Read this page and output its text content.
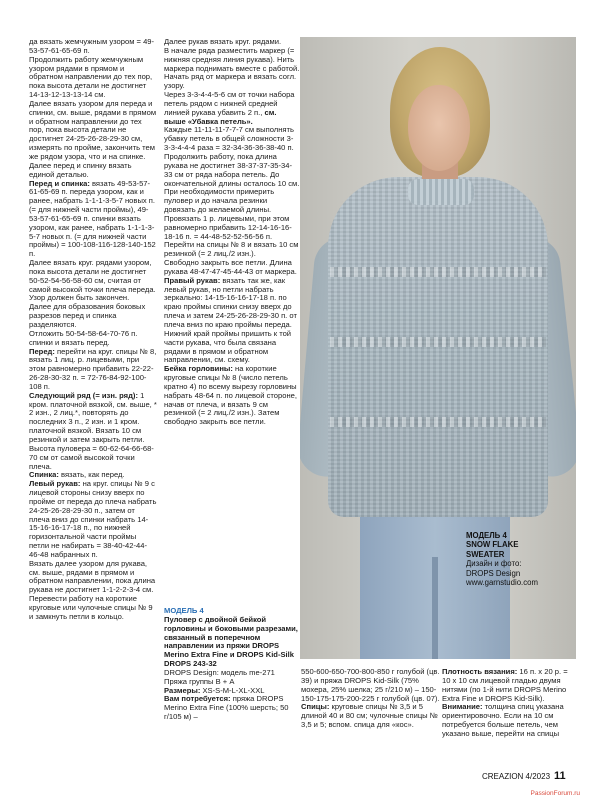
да вязать жемчужным узором = 49-53-57-61-65-69 п.
Продолжить работу жемчужным узором рядами в прямом и обратном направлении до тех пор, пока высота детали не достигнет 14-13-12-13-13-14 см.
Далее вязать узором для переда и спинки, см. выше, рядами в прямом и обратном направлении до тех пор, пока высота детали не достигнет 24-25-26-28-29-30 см, измерять по пройме, закончить тем же рядом узора, что и на спинке.
Далее перед и спинку вязать единой деталью.
Перед и спинка: вязать 49-53-57-61-65-69 п. переда узором, как и ранее, набрать 1-1-1-3-5-7 новых п. (= для нижней части проймы), 49-53-57-61-65-69 п. спинки вязать узором, как ранее, набрать 1-1-1-3-5-7 новых п. (= для нижней части проймы) = 100-108-116-128-140-152 п.
Далее вязать круг. рядами узором, пока высота детали не достигнет 50-52-54-56-58-60 см, считая от самой высокой точки плеча переда.
Узор должен быть закончен.
Далее для образования боковых разрезов перед и спинка разделяются.
Отложить 50-54-58-64-70-76 п. спинки и вязать перед.
Перед: перейти на круг. спицы № 8, вязать 1 лиц. р. лицевыми, при этом равномерно прибавить 22-22-26-28-30-32 п. = 72-76-84-92-100-108 п.
Следующий ряд (= изн. ряд): 1 кром. платочной вязкой, см. выше, * 2 изн., 2 лиц.*, повторять до последних 3 п., 2 изн. и 1 кром. платочной вязкой. Вязать 10 см резинкой и затем закрыть петли. Высота пуловера = 60-62-64-66-68-70 см от самой высокой точки плеча.
Спинка: вязать, как перед.
Левый рукав: на круг. спицы № 9 с лицевой стороны снизу вверх по пройме от переда до плеча набрать 24-25-26-28-29-30 п., затем от плеча вниз до спинки набрать 14-15-16-16-17-18 п., по нижней горизонтальной части проймы петли не набирать = 38-40-42-44-46-48 набранных п.
Вязать далее узором для рукава, см. выше, рядами в прямом и обратном направлении, пока длина рукава не достигнет 1-1-2-2-3-4 см.
Перевести работу на короткие круговые или чулочные спицы № 9 и замкнуть петли в кольцо.
Далее рукав вязать круг. рядами.
В начале ряда разместить маркер (= нижняя средняя линия рукава). Нить маркера поднимать вместе с работой. Начать ряд от маркера и вязать согл. узору.
Через 3-3-4-4-5-6 см от точки набора петель рядом с нижней средней линией рукава убавить 2 п., см. выше «Убавка петель».
Каждые 11-11-11-7-7-7 см выполнять убавку петель в общей сложности 3-3-3-4-4-4 раза = 32-34-36-36-38-40 п.
Продолжить работу, пока длина рукава не достигнет 38-37-37-35-34-33 см от ряда набора петель. До окончательной длины осталось 10 см. При необходимости примерить пуловер и до начала резинки довязать до желаемой длины.
Провязать 1 р. лицевыми, при этом равномерно прибавить 12-14-16-16-18-16 п. = 44-48-52-52-56-56 п.
Перейти на спицы № 8 и вязать 10 см резинкой (= 2 лиц./2 изн.).
Свободно закрыть все петли. Длина рукава 48-47-47-45-44-43 от маркера.
Правый рукав: вязать так же, как левый рукав, но петли набрать зеркально: 14-15-16-16-17-18 п. по краю проймы спинки снизу вверх до плеча и затем 24-25-26-28-29-30 п. от плеча вниз по краю проймы переда.
Нижний край проймы пришить к той части рукава, что была связана рядами в прямом и обратном направлении, см. схему.
Бейка горловины: на короткие круговые спицы № 8 (число петель кратно 4) по всему вырезу горловины набрать 48-64 п. по лицевой стороне, начав от плеча, и вязать 9 см резинкой (= 2 лиц./2 изн.). Затем свободно закрыть все петли.
МОДЕЛЬ 4
Пуловер с двойной бейкой горловины и боковыми разрезами, связанный в поперечном направлении из пряжи DROPS Merino Extra Fine и DROPS Kid-Silk
DROPS 243-32
DROPS Design: модель me-271
Пряжа группы В + А
Размеры: XS-S-M-L-XL-XXL
Вам потребуется: пряжа DROPS Merino Extra Fine (100% шерсть; 50 г/105 м) –
550-600-650-700-800-850 г голубой (цв. 39) и пряжа DROPS Kid-Silk (75% мохера, 25% шелка; 25 г/210 м) – 150-150-175-175-200-225 г голубой (цв. 07).
Спицы: круговые спицы № 3,5 и 5 длиной 40 и 80 см; чулочные спицы № 3,5 и 5; вспом. спица для «кос».
Плотность вязания: 16 п. х 20 р. = 10 х 10 см лицевой гладью двумя нитями (по 1-й нити DROPS Merino Extra Fine и DROPS Kid-Silk).
Внимание: толщина спиц указана ориентировочно. Если на 10 см потребуется больше петель, чем указано выше, перейти на спицы
МОДЕЛЬ 4
SNOW FLAKE
SWEATER
Дизайн и фото:
DROPS Design
www.garnstudio.com
CREAZION 4/2023 11
PassionForum.ru
